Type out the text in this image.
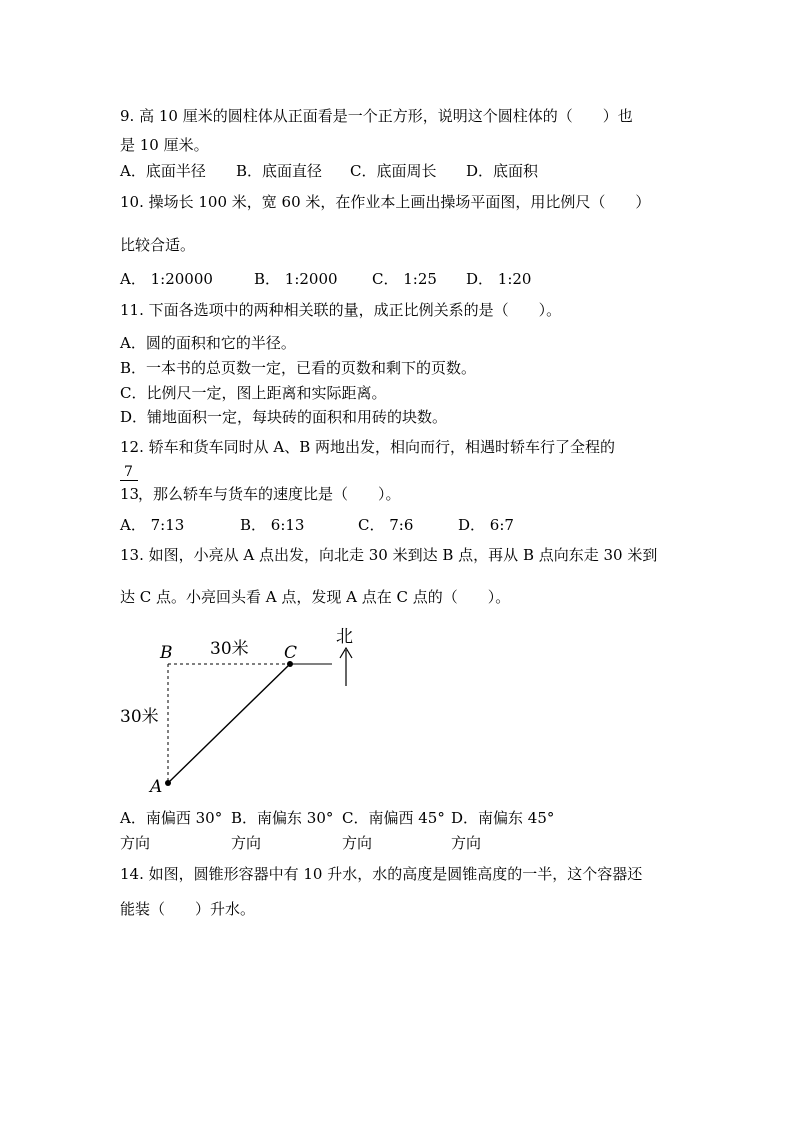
9. 高 10 厘米的圆柱体从正面看是一个正方形，说明这个圆柱体的（　　）也
是 10 厘米。
A．底面半径 B．底面直径 C．底面周长 D．底面积
10. 操场长 100 米，宽 60 米，在作业本上画出操场平面图，用比例尺（　　）
比较合适。
A． 1:20000	B． 1:2000 C． 1:25 D． 1:20
11. 下面各选项中的两种相关联的量，成正比例关系的是（　　）。
A．圆的面积和它的半径。
B．一本书的总页数一定，已看的页数和剩下的页数。
C．比例尺一定，图上距离和实际距离。
D．铺地面积一定，每块砖的面积和用砖的块数。
12. 轿车和货车同时从 A、B 两地出发，相向而行，相遇时轿车行了全程的
7
13
，那么轿车与货车的速度比是（　　）。
A． 7:13	B． 6:13	C． 7:6	D． 6:7
13. 如图，小亮从 A 点出发，向北走 30 米到达 B 点，再从 B 点向东走 30 米到
达 C 点。小亮回头看 A 点，发现 A 点在 C 点的（　　）。
B	C
A
30米
30米
北
A．南偏西 30° B．南偏东 30° C．南偏西 45° D．南偏东 45°
方向	方向	方向	方向
14. 如图，圆锥形容器中有 10 升水，水的高度是圆锥高度的一半，这个容器还
能装（　　）升水。
